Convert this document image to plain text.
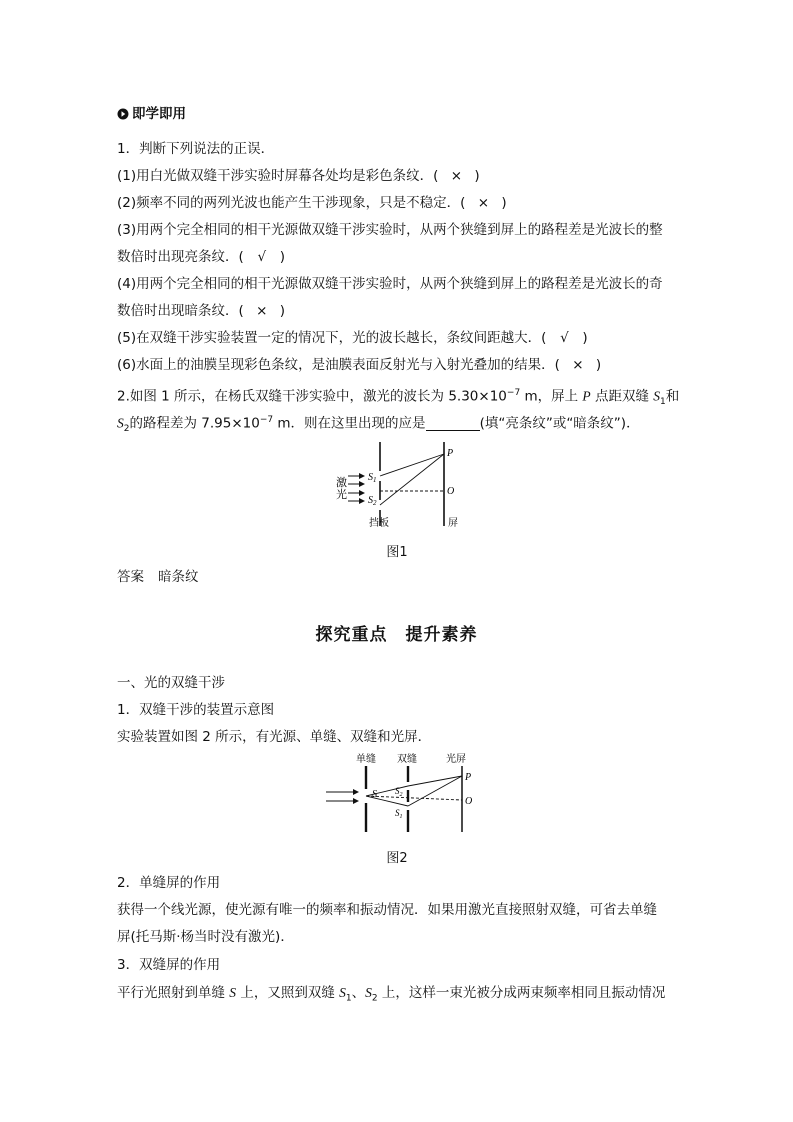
即学即用
1．判断下列说法的正误．
(1)用白光做双缝干涉实验时屏幕各处均是彩色条纹．( × )
(2)频率不同的两列光波也能产生干涉现象，只是不稳定．( × )
(3)用两个完全相同的相干光源做双缝干涉实验时，从两个狭缝到屏上的路程差是光波长的整
数倍时出现亮条纹．( √ )
(4)用两个完全相同的相干光源做双缝干涉实验时，从两个狭缝到屏上的路程差是光波长的奇
数倍时出现暗条纹．( × )
(5)在双缝干涉实验装置一定的情况下，光的波长越长，条纹间距越大．( √ )
(6)水面上的油膜呈现彩色条纹，是油膜表面反射光与入射光叠加的结果．( × )
2.如图 1 所示，在杨氏双缝干涉实验中，激光的波长为 $5.30\times 10^{-7}$ m，屏上 P 点距双缝 $S_1$和
$S_2$的路程差为 $7.95\times 10^{-7}$ m．则在这里出现的应是	(填“亮条纹”或“暗条纹”)．
激
光
$S_1$
$S_2$
P
O
挡板	屏
图1
答案 暗条纹
探究重点　提升素养
一、光的双缝干涉
1．双缝干涉的装置示意图
实验装置如图 2 所示，有光源、单缝、双缝和光屏．
单缝 双缝	光屏
S $S_2$
$S_1$
P
O
图2
2．单缝屏的作用
获得一个线光源，使光源有唯一的频率和振动情况．如果用激光直接照射双缝，可省去单缝
屏(托马斯·杨当时没有激光)．
3．双缝屏的作用
平行光照射到单缝 S 上，又照到双缝 $S_1$、$S_2$ 上，这样一束光被分成两束频率相同且振动情况
